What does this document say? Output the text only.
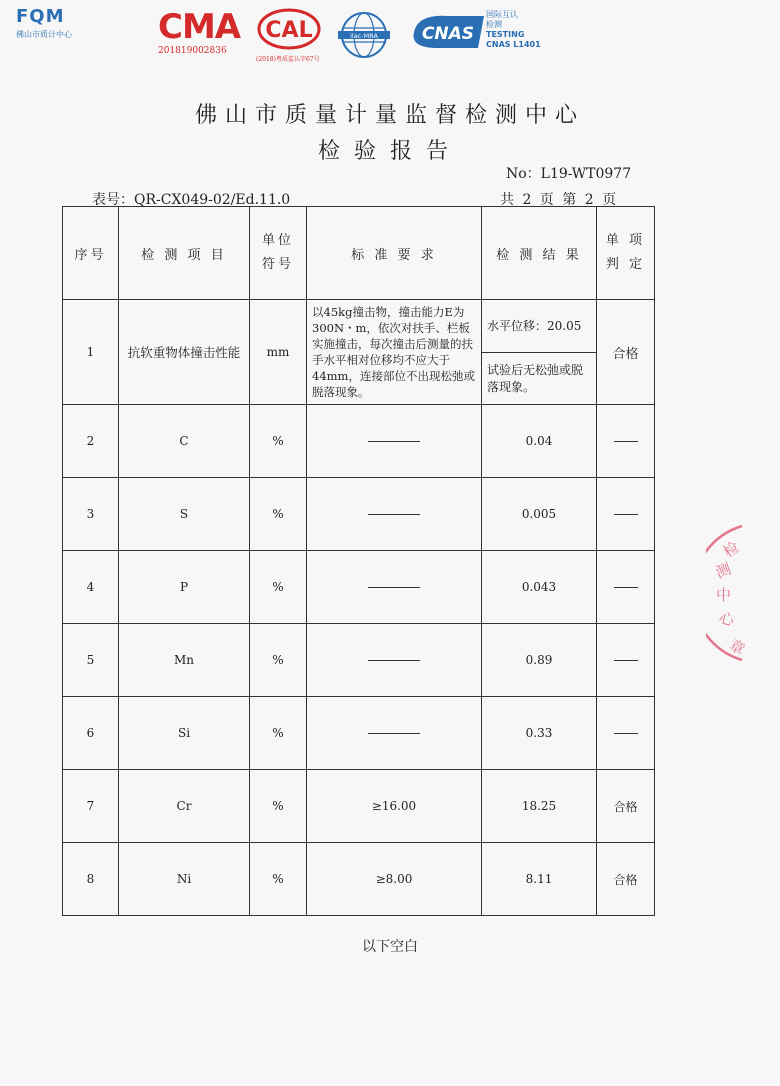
FQM
佛山市质计中心	CMA
201819002836
CAL
(2018)粤质监认字67号
ilac-MRA	CNAS
国际互认
检测
TESTING
CNAS L1401
佛山市质量计量监督检测中心
检验报告
No：L19-WT0977
表号：QR-CX049-02/Ed.11.0	共 2 页 第 2 页
序号	检 测 项 目	单位
符号	标 准 要 求	检 测 结 果	单 项
判 定
1	抗软重物体撞击性能	mm	以45kg撞击物，撞击能力E为300N・m，依次对扶手、栏板实施撞击，每次撞击后测量的扶手水平相对位移均不应大于44mm，连接部位不出现松弛或脱落现象。	水平位移：20.05
试验后无松弛或脱落现象。	合格
2	C	%		0.04	
3	S	%		0.005	
4	P	%		0.043	
5	Mn	%		0.89	
6	Si	%		0.33	
7	Cr	%	≥16.00	18.25	合格
8	Ni	%	≥8.00	8.11	合格
以下空白
检
测
中
心
章
